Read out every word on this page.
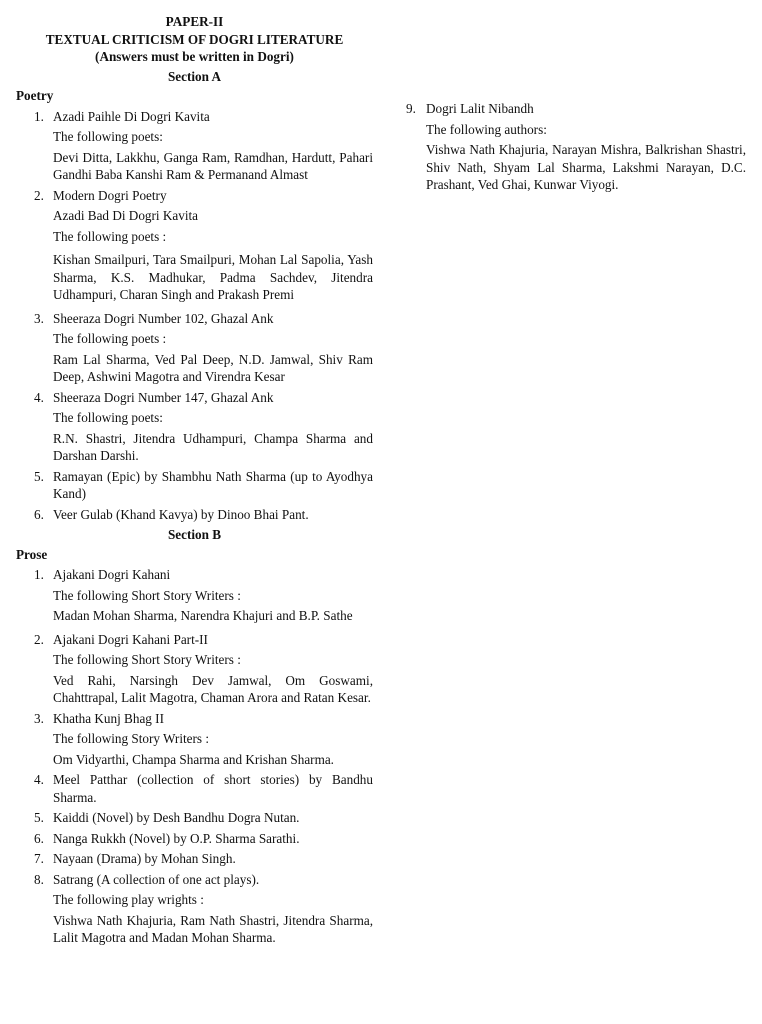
PAPER-II
TEXTUAL CRITICISM OF DOGRI LITERATURE
(Answers must be written in Dogri)
Section A
Poetry
1. Azadi Paihle Di Dogri Kavita
The following poets:
Devi Ditta, Lakkhu, Ganga Ram, Ramdhan, Hardutt, Pahari Gandhi Baba Kanshi Ram & Permanand Almast
2. Modern Dogri Poetry
Azadi Bad Di Dogri Kavita
The following poets :
Kishan Smailpuri, Tara Smailpuri, Mohan Lal Sapolia, Yash Sharma, K.S. Madhukar, Padma Sachdev, Jitendra Udhampuri, Charan Singh and Prakash Premi
3. Sheeraza Dogri Number 102, Ghazal Ank
The following poets :
Ram Lal Sharma, Ved Pal Deep, N.D. Jamwal, Shiv Ram Deep, Ashwini Magotra and Virendra Kesar
4. Sheeraza Dogri Number 147, Ghazal Ank
The following poets:
R.N. Shastri, Jitendra Udhampuri, Champa Sharma and Darshan Darshi.
5. Ramayan (Epic) by Shambhu Nath Sharma (up to Ayodhya Kand)
6. Veer Gulab (Khand Kavya) by Dinoo Bhai Pant.
Section B
Prose
1. Ajakani Dogri Kahani
The following Short Story Writers :
Madan Mohan Sharma, Narendra Khajuri and B.P. Sathe
2. Ajakani Dogri Kahani Part-II
The following Short Story Writers :
Ved Rahi, Narsingh Dev Jamwal, Om Goswami, Chahttrapal, Lalit Magotra, Chaman Arora and Ratan Kesar.
3. Khatha Kunj Bhag II
The following Story Writers :
Om Vidyarthi, Champa Sharma and Krishan Sharma.
4. Meel Patthar (collection of short stories) by Bandhu Sharma.
5. Kaiddi (Novel) by Desh Bandhu Dogra Nutan.
6. Nanga Rukkh (Novel) by O.P. Sharma Sarathi.
7. Nayaan (Drama) by Mohan Singh.
8. Satrang (A collection of one act plays).
The following play wrights :
Vishwa Nath Khajuria, Ram Nath Shastri, Jitendra Sharma, Lalit Magotra and Madan Mohan Sharma.
9. Dogri Lalit Nibandh
The following authors:
Vishwa Nath Khajuria, Narayan Mishra, Balkrishan Shastri, Shiv Nath, Shyam Lal Sharma, Lakshmi Narayan, D.C. Prashant, Ved Ghai, Kunwar Viyogi.
